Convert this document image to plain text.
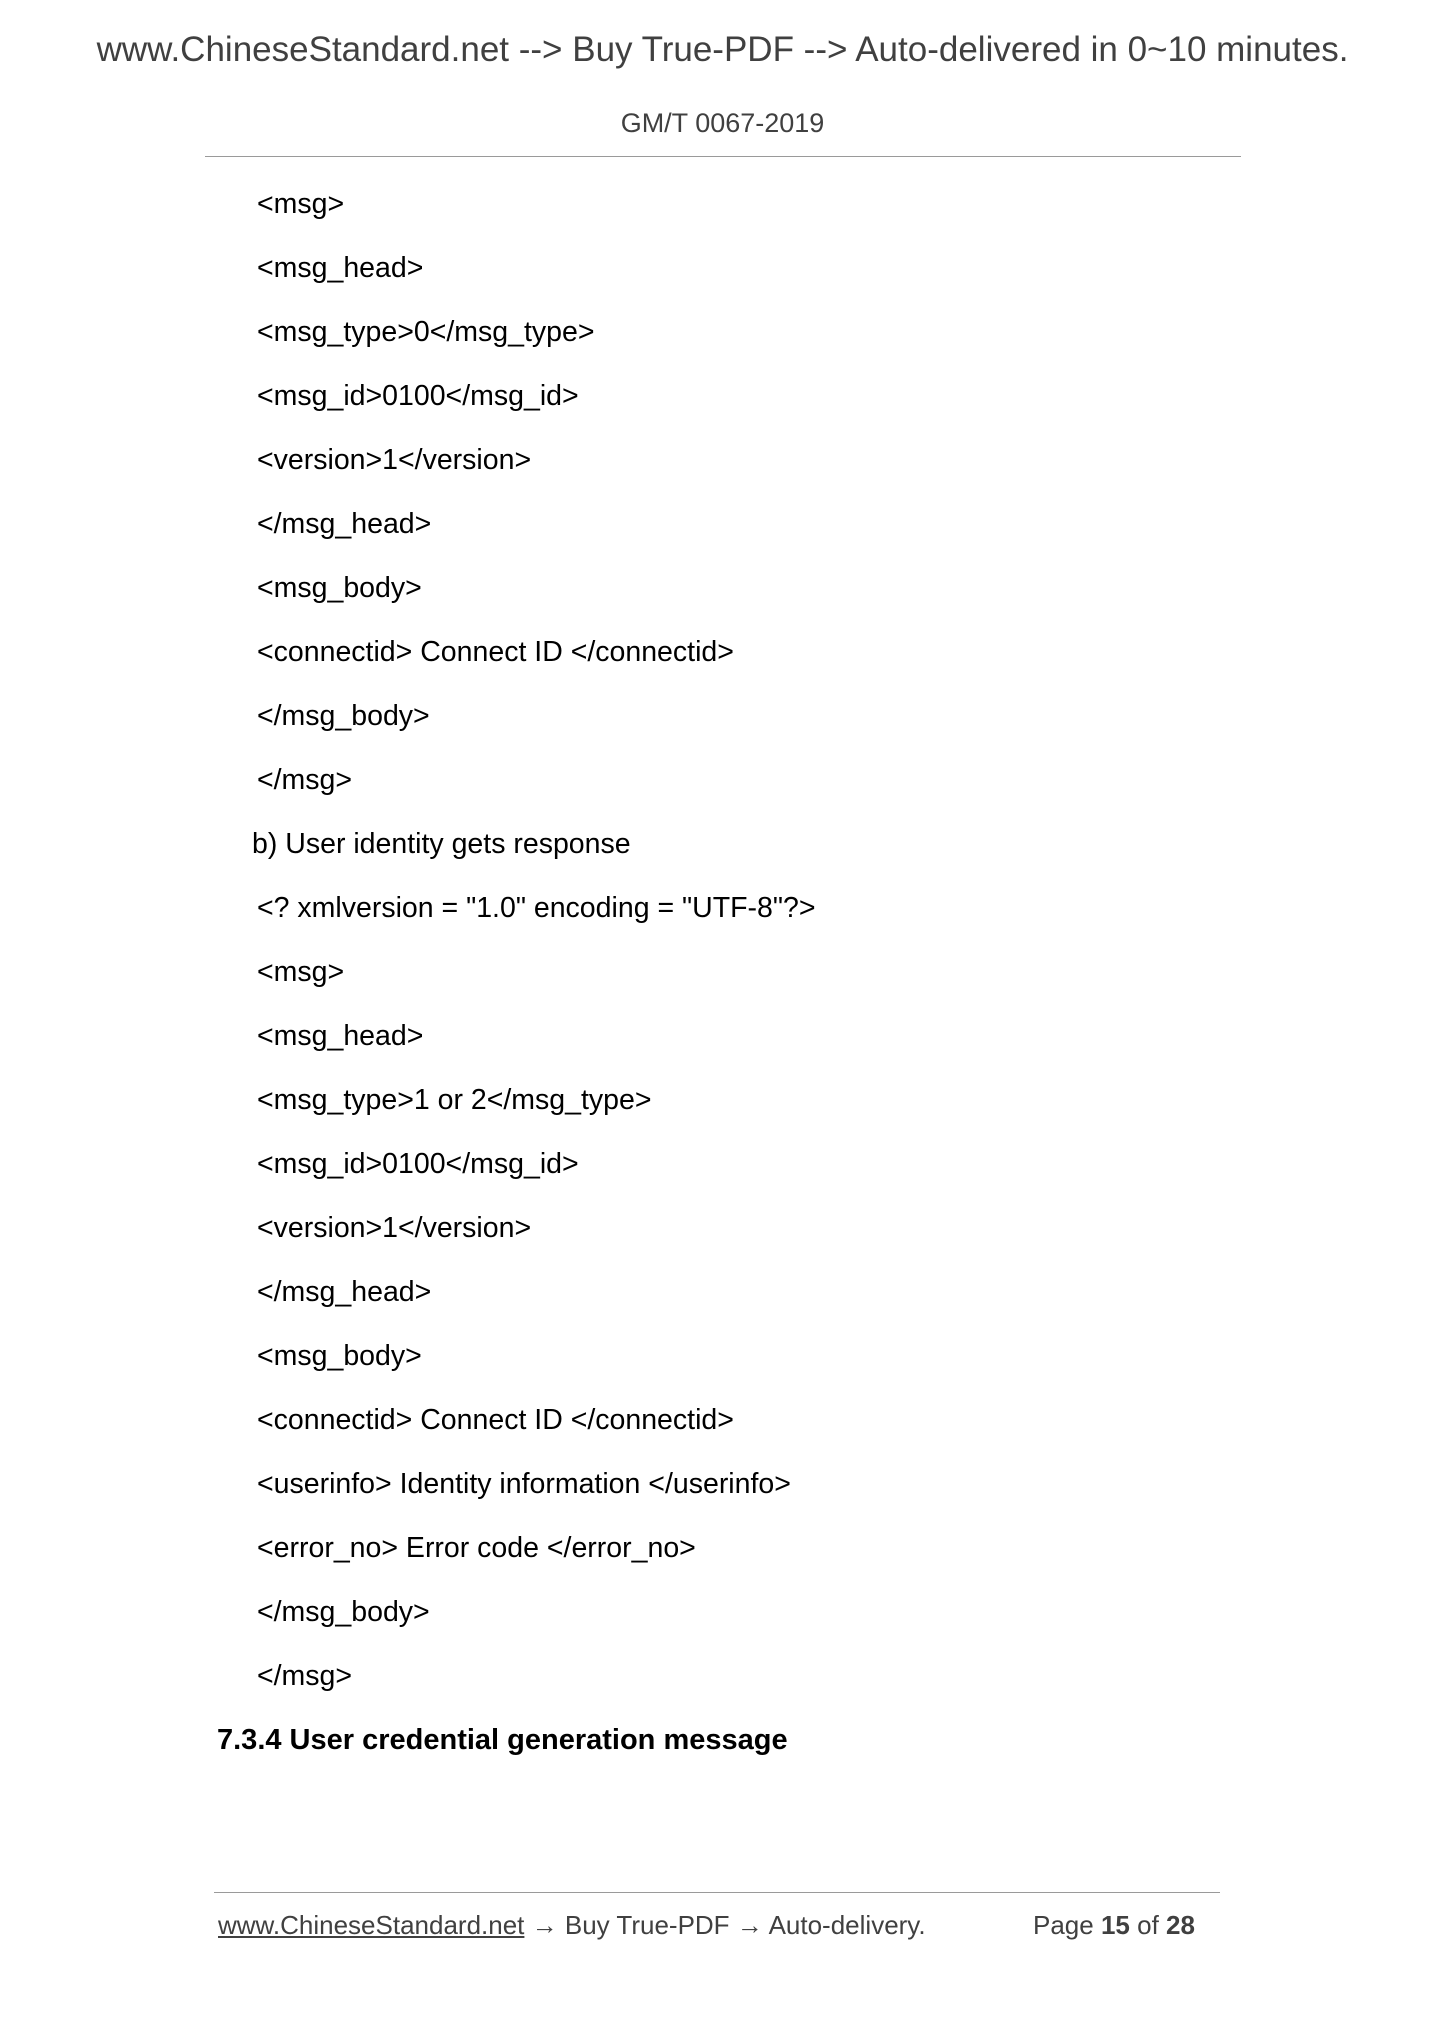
www.ChineseStandard.net --> Buy True-PDF --> Auto-delivered in 0~10 minutes.
GM/T 0067-2019
<msg>
<msg_head>
<msg_type>0</msg_type>
<msg_id>0100</msg_id>
<version>1</version>
</msg_head>
<msg_body>
<connectid> Connect ID </connectid>
</msg_body>
</msg>
b) User identity gets response
<? xmlversion = "1.0" encoding = "UTF-8"?>
<msg>
<msg_head>
<msg_type>1 or 2</msg_type>
<msg_id>0100</msg_id>
<version>1</version>
</msg_head>
<msg_body>
<connectid> Connect ID </connectid>
<userinfo> Identity information </userinfo>
<error_no> Error code </error_no>
</msg_body>
</msg>
7.3.4 User credential generation message
www.ChineseStandard.net → Buy True-PDF → Auto-delivery.	Page 15 of 28
